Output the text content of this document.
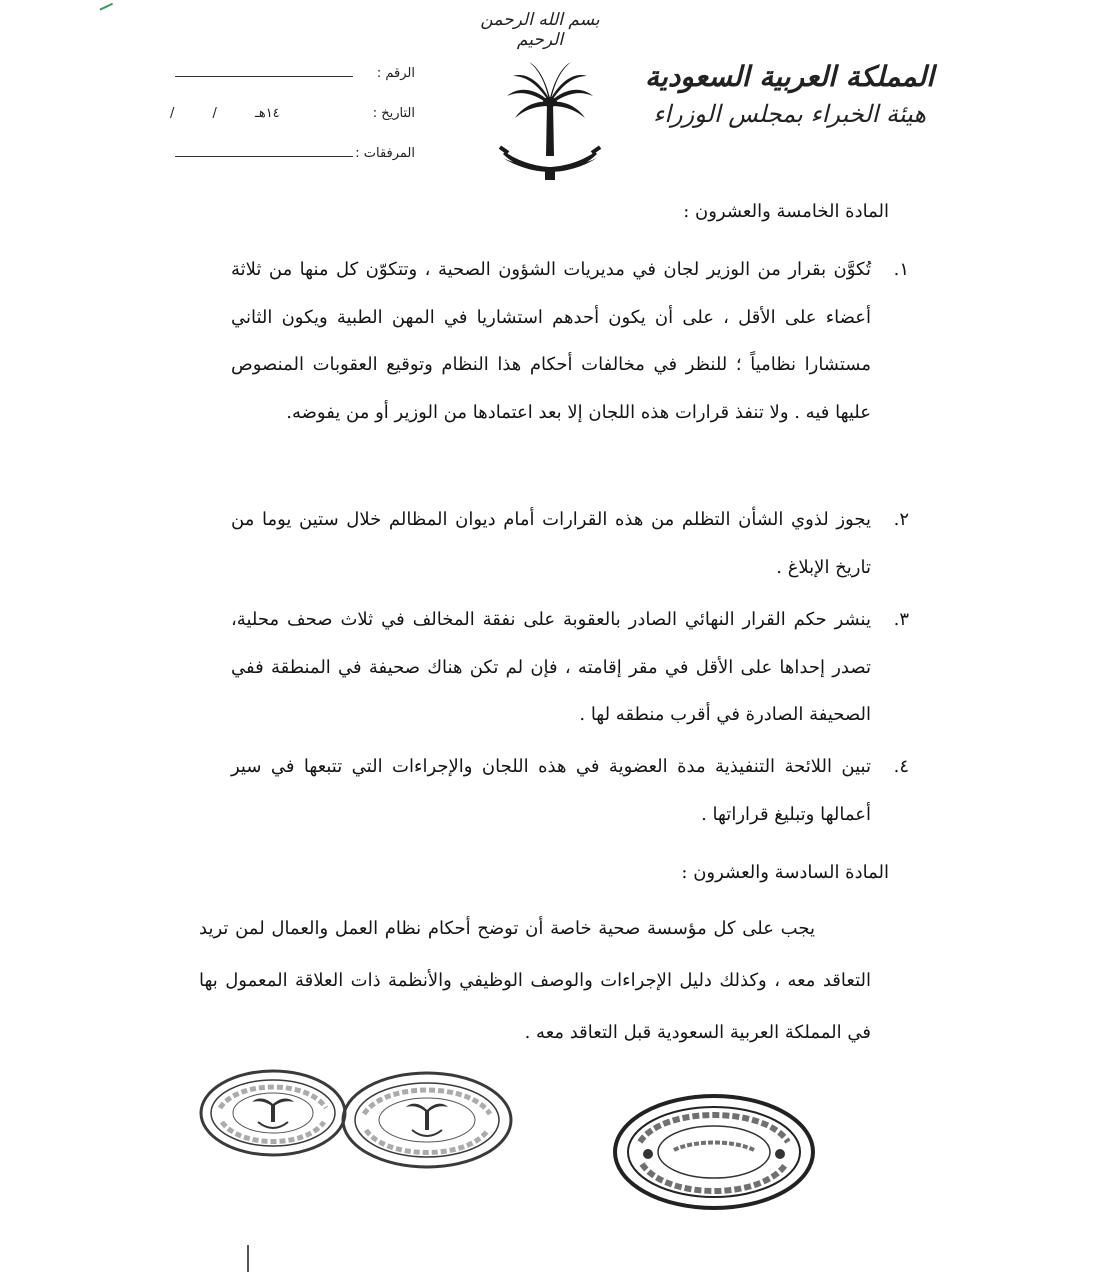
بسم الله الرحمن الرحيم
المملكة العربية السعودية
هيئة الخبراء بمجلس الوزراء
الرقم :
التاريخ :
/ / ١٤هـ
المرفقات :
المادة الخامسة والعشرون :
١.
تُكوَّن بقرار من الوزير لجان في مديريات الشؤون الصحية ، وتتكوّن كل منها من ثلاثة أعضاء على الأقل ، على أن يكون أحدهم استشاريا في المهن الطبية ويكون الثاني مستشارا نظامياً ؛ للنظر في مخالفات أحكام هذا النظام وتوقيع العقوبات المنصوص عليها فيه . ولا تنفذ قرارات هذه اللجان إلا بعد اعتمادها من الوزير أو من يفوضه.
٢.
يجوز لذوي الشأن التظلم من هذه القرارات أمام ديوان المظالم خلال ستين يوما من تاريخ الإبلاغ .
٣.
ينشر حكم القرار النهائي الصادر بالعقوبة على نفقة المخالف في ثلاث صحف محلية، تصدر إحداها على الأقل في مقر إقامته ، فإن لم تكن هناك صحيفة في المنطقة ففي الصحيفة الصادرة في أقرب منطقه لها .
٤.
تبين اللائحة التنفيذية مدة العضوية في هذه اللجان والإجراءات التي تتبعها في سير أعمالها وتبليغ قراراتها .
المادة السادسة والعشرون :
يجب على كل مؤسسة صحية خاصة أن توضح أحكام نظام العمل والعمال لمن تريد التعاقد معه ، وكذلك دليل الإجراءات والوصف الوظيفي والأنظمة ذات العلاقة المعمول بها في المملكة العربية السعودية قبل التعاقد معه .
